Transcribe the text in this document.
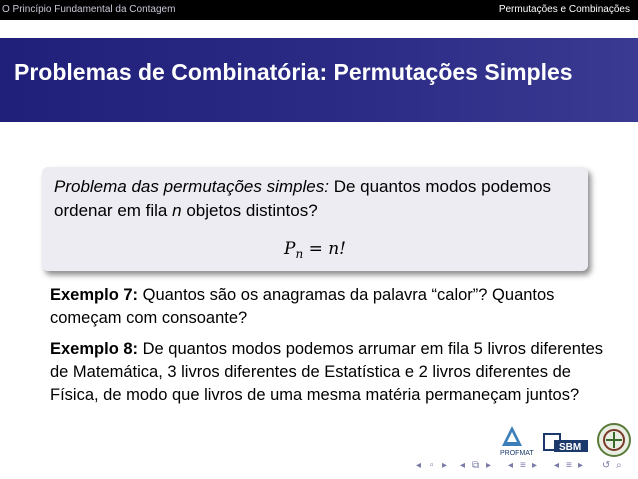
O Princípio Fundamental da Contagem	Permutações e Combinações
Problemas de Combinatória: Permutações Simples
Problema das permutações simples: De quantos modos podemos ordenar em fila n objetos distintos?
$P_n = n$!
Exemplo 7: Quantos são os anagramas da palavra “calor”? Quantos começam com consoante?
Exemplo 8: De quantos modos podemos arrumar em fila 5 livros diferentes de Matemática, 3 livros diferentes de Estatística e 2 livros diferentes de Física, de modo que livros de uma mesma matéria permaneçam juntos?
PROFMAT
SBM
◂ ▫ ▸ ◂ ⧉ ▸ ◂ ≡ ▸ ◂ ≡ ▸ ↺ ⌕
